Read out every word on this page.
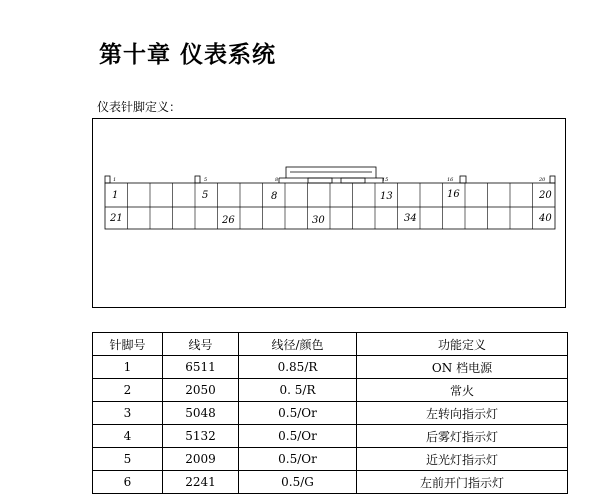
第十章 仪表系统
仪表针脚定义：
1	5	8	15	16	20
1	5	8	13	16	20
21	26	30	34	40
针脚号	线号	线径/颜色	功能定义
1	6511	0.85/R	ON 档电源
2	2050	0. 5/R	常火
3	5048	0.5/Or	左转向指示灯
4	5132	0.5/Or	后雾灯指示灯
5	2009	0.5/Or	近光灯指示灯
6	2241	0.5/G	左前开门指示灯
